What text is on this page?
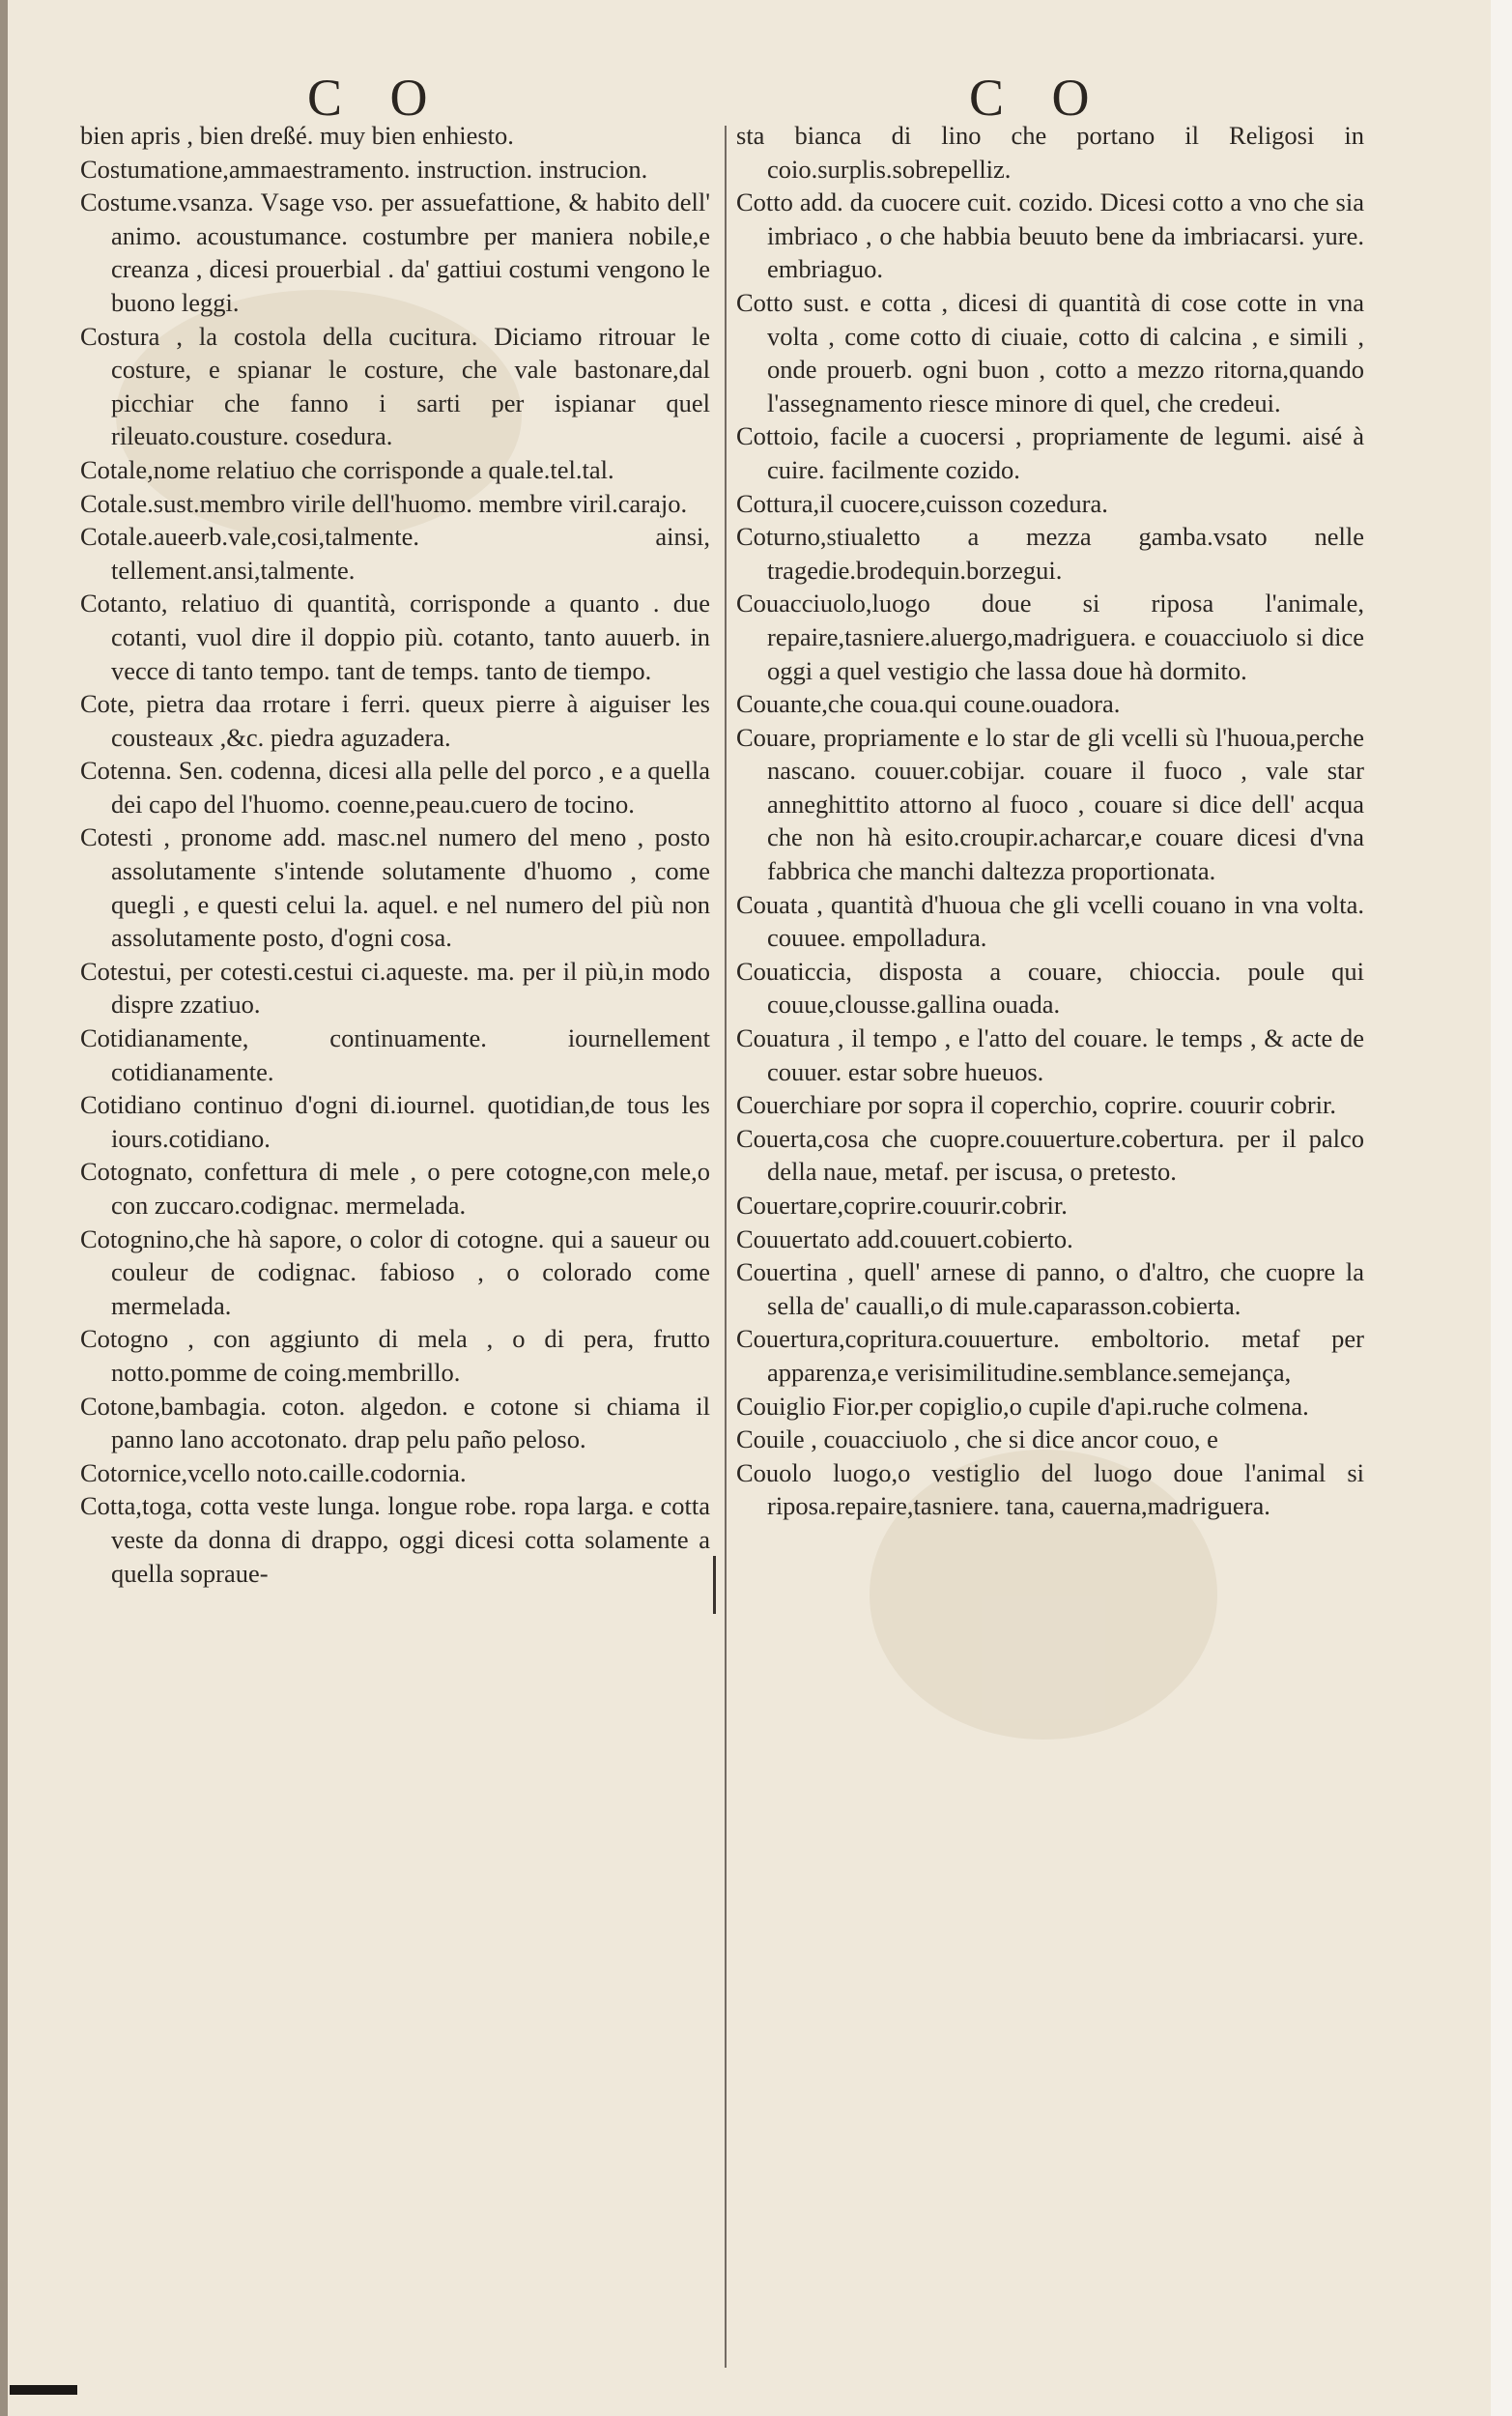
C O	C O

bien apris , bien dreßé. muy bien enhiesto.

Costumatione,ammaestramento. instruction. instrucion.

Costume.vsanza. Vsage vso. per assuefattione, & habito dell' animo. acoustumance. costumbre per maniera nobile,e creanza , dicesi prouerbial . da' gattiui costumi vengono le buono leggi.

Costura , la costola della cucitura. Diciamo ritrouar le costure, e spianar le costure, che vale bastonare,dal picchiar che fanno i sarti per ispianar quel rileuato.cousture. cosedura.

Cotale,nome relatiuo che corrisponde a quale.tel.tal.

Cotale.sust.membro virile dell'huomo. membre viril.carajo.

Cotale.aueerb.vale,cosi,talmente. ainsi, tellement.ansi,talmente.

Cotanto, relatiuo di quantità, corrisponde a quanto . due cotanti, vuol dire il doppio più. cotanto, tanto auuerb. in vecce di tanto tempo. tant de temps. tanto de tiempo.

Cote, pietra daa rrotare i ferri. queux pierre à aiguiser les cousteaux ,&c. piedra aguzadera.

Cotenna. Sen. codenna, dicesi alla pelle del porco , e a quella dei capo del l'huomo. coenne,peau.cuero de tocino.

Cotesti , pronome add. masc.nel numero del meno , posto assolutamente s'intende solutamente d'huomo , come quegli , e questi celui la. aquel. e nel numero del più non assolutamente posto, d'ogni cosa.

Cotestui, per cotesti.cestui ci.aqueste. ma. per il più,in modo dispre zzatiuo.

Cotidianamente, continuamente. iournellement cotidianamente.

Cotidiano continuo d'ogni di.iournel. quotidian,de tous les iours.cotidiano.

Cotognato, confettura di mele , o pere cotogne,con mele,o con zuccaro.codignac. mermelada.

Cotognino,che hà sapore, o color di cotogne. qui a saueur ou couleur de codignac. fabioso , o colorado come mermelada.

Cotogno , con aggiunto di mela , o di pera, frutto notto.pomme de coing.membrillo.

Cotone,bambagia. coton. algedon. e cotone si chiama il panno lano accotonato. drap pelu paño peloso.

Cotornice,vcello noto.caille.codornia.

Cotta,toga, cotta veste lunga. longue robe. ropa larga. e cotta veste da donna di drappo, oggi dicesi cotta solamente a quella sopraue-

sta bianca di lino che portano il Religosi in coio.surplis.sobrepelliz.

Cotto add. da cuocere cuit. cozido. Dicesi cotto a vno che sia imbriaco , o che habbia beuuto bene da imbriacarsi. yure. embriaguo.

Cotto sust. e cotta , dicesi di quantità di cose cotte in vna volta , come cotto di ciuaie, cotto di calcina , e simili , onde prouerb. ogni buon , cotto a mezzo ritorna,quando l'assegnamento riesce minore di quel, che credeui.

Cottoio, facile a cuocersi , propriamente de legumi. aisé à cuire. facilmente cozido.

Cottura,il cuocere,cuisson cozedura.

Coturno,stiualetto a mezza gamba.vsato nelle tragedie.brodequin.borzegui.

Couacciuolo,luogo doue si riposa l'animale, repaire,tasniere.aluergo,madriguera. e couacciuolo si dice oggi a quel vestigio che lassa doue hà dormito.

Couante,che coua.qui coune.ouadora.

Couare, propriamente e lo star de gli vcelli sù l'huoua,perche nascano. couuer.cobijar. couare il fuoco , vale star anneghittito attorno al fuoco , couare si dice dell' acqua che non hà esito.croupir.acharcar,e couare dicesi d'vna fabbrica che manchi daltezza proportionata.

Couata , quantità d'huoua che gli vcelli couano in vna volta. couuee. empolladura.

Couaticcia, disposta a couare, chioccia. poule qui couue,clousse.gallina ouada.

Couatura , il tempo , e l'atto del couare. le temps , & acte de couuer. estar sobre hueuos.

Couerchiare por sopra il coperchio, coprire. couurir cobrir.

Couerta,cosa che cuopre.couuerture.cobertura. per il palco della naue, metaf. per iscusa, o pretesto.

Couertare,coprire.couurir.cobrir.

Couuertato add.couuert.cobierto.

Couertina , quell' arnese di panno, o d'altro, che cuopre la sella de' caualli,o di mule.caparasson.cobierta.

Couertura,copritura.couuerture. emboltorio. metaf per apparenza,e verisimilitudine.semblance.semejança,

Couiglio Fior.per copiglio,o cupile d'api.ruche colmena.

Couile , couacciuolo , che si dice ancor couo, e

Couolo luogo,o vestiglio del luogo doue l'animal si riposa.repaire,tasniere. tana, cauerna,madriguera.
